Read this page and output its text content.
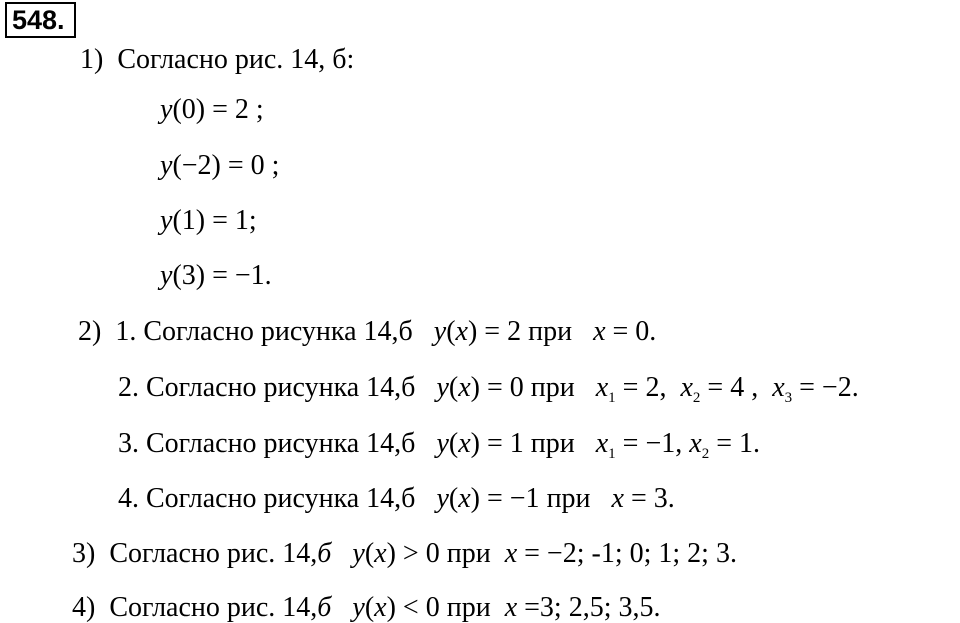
548.
1) Согласно рис. 14, б:
y(0) = 2 ;
y(−2) = 0 ;
y(1) = 1;
y(3) = −1.
2) 1. Согласно рисунка 14,б y(x) = 2 при x = 0.
2. Согласно рисунка 14,б y(x) = 0 при $x_1 = 2$, $x_2 = 4$ , $x_3 = -2$.
3. Согласно рисунка 14,б y(x) = 1 при $x_1 = -1$, $x_2 = 1$.
4. Согласно рисунка 14,б y(x) = −1 при x = 3.
3) Согласно рис. 14,б y(x) > 0 при x = −2; -1; 0; 1; 2; 3.
4) Согласно рис. 14,б y(x) < 0 при x =3; 2,5; 3,5.
